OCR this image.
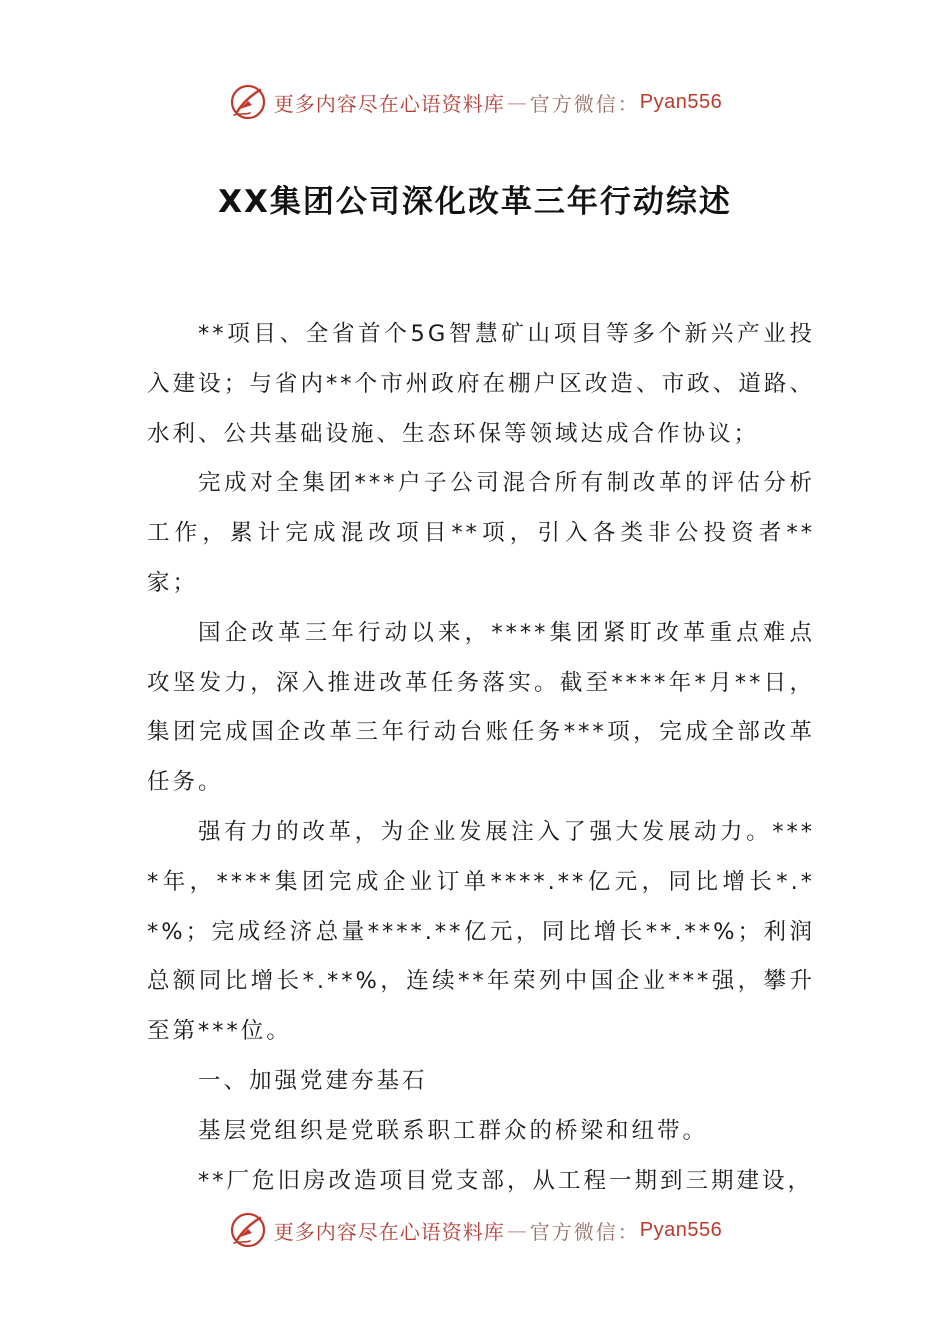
更多内容尽在心语资料库 — 官方微信： Pyan556
XX集团公司深化改革三年行动综述

**项目、全省首个5G智慧矿山项目等多个新兴产业投入建设；与省内**个市州政府在棚户区改造、市政、道路、水利、公共基础设施、生态环保等领域达成合作协议；

完成对全集团***户子公司混合所有制改革的评估分析工作，累计完成混改项目**项，引入各类非公投资者**家；

国企改革三年行动以来，****集团紧盯改革重点难点攻坚发力，深入推进改革任务落实。截至****年*月**日，集团完成国企改革三年行动台账任务***项，完成全部改革任务。

强有力的改革，为企业发展注入了强大发展动力。****年，****集团完成企业订单****.**亿元，同比增长*.**%；完成经济总量****.**亿元，同比增长**.**%；利润总额同比增长*.**%，连续**年荣列中国企业***强，攀升至第***位。

一、加强党建夯基石

基层党组织是党联系职工群众的桥梁和纽带。

**厂危旧房改造项目党支部，从工程一期到三期建设，

更多内容尽在心语资料库 — 官方微信： Pyan556
